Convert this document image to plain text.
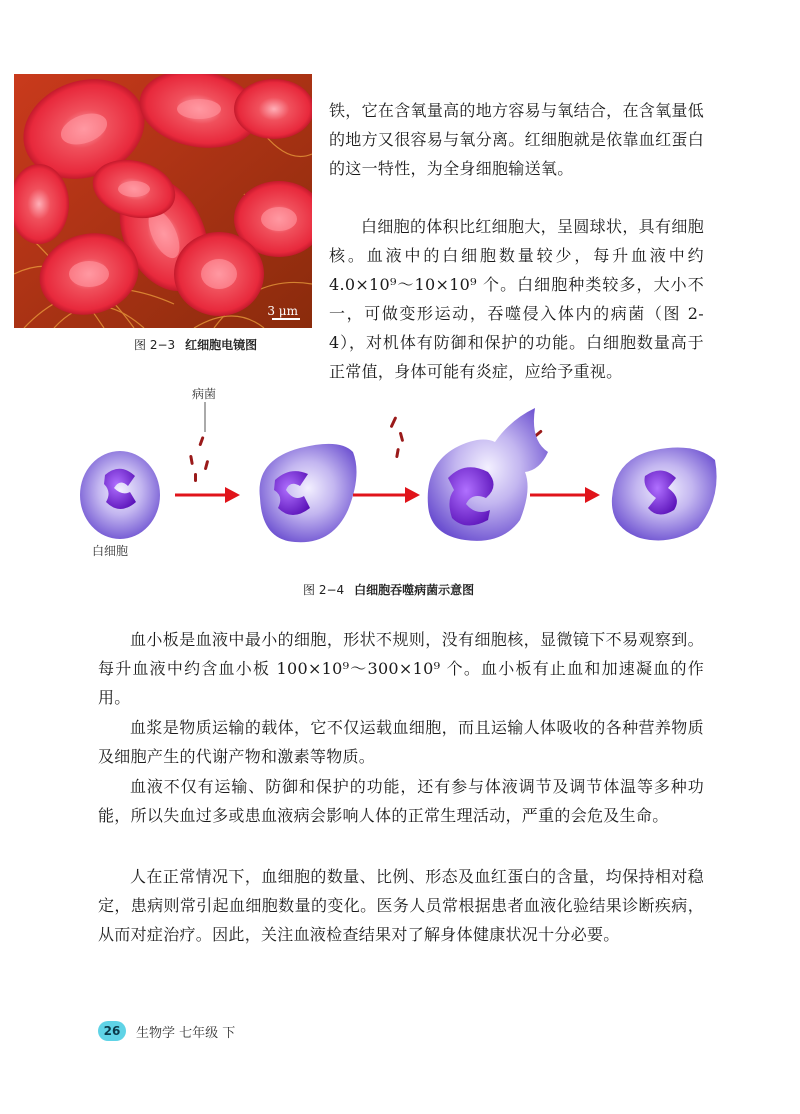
3 μm
图 2−3 红细胞电镜图

铁，它在含氧量高的地方容易与氧结合，在含氧量低的地方又很容易与氧分离。红细胞就是依靠血红蛋白的这一特性，为全身细胞输送氧。

白细胞的体积比红细胞大，呈圆球状，具有细胞核。血液中的白细胞数量较少，每升血液中约 4.0×10⁹～10×10⁹ 个。白细胞种类较多，大小不一，可做变形运动，吞噬侵入体内的病菌（图 2-4），对机体有防御和保护的功能。白细胞数量高于正常值，身体可能有炎症，应给予重视。

病菌
白细胞
图 2−4 白细胞吞噬病菌示意图

血小板是血液中最小的细胞，形状不规则，没有细胞核，显微镜下不易观察到。每升血液中约含血小板 100×10⁹～300×10⁹ 个。血小板有止血和加速凝血的作用。

血浆是物质运输的载体，它不仅运载血细胞，而且运输人体吸收的各种营养物质及细胞产生的代谢产物和激素等物质。

血液不仅有运输、防御和保护的功能，还有参与体液调节及调节体温等多种功能，所以失血过多或患血液病会影响人体的正常生理活动，严重的会危及生命。

人在正常情况下，血细胞的数量、比例、形态及血红蛋白的含量，均保持相对稳定，患病则常引起血细胞数量的变化。医务人员常根据患者血液化验结果诊断疾病，从而对症治疗。因此，关注血液检查结果对了解身体健康状况十分必要。

26	生物学 七年级 下
